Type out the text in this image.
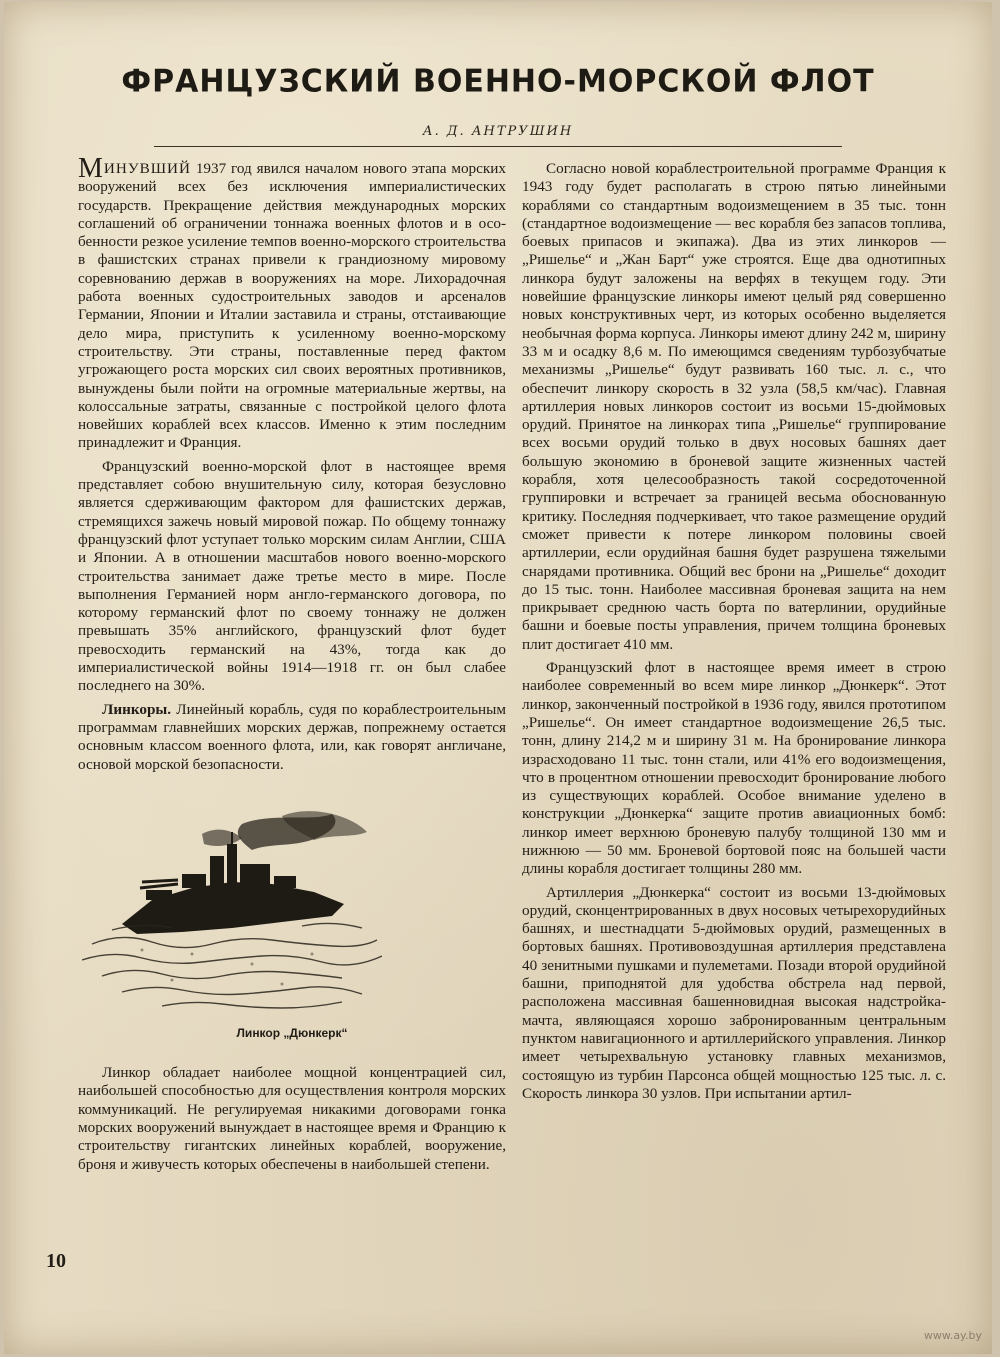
ФРАНЦУЗСКИЙ ВОЕННО-МОРСКОЙ ФЛОТ
А. Д. АНТРУШИН

МИНУВШИЙ 1937 год явился началом нового этапа морских вооружений всех без исключения империалистических государств. Прекращение действия международных морских соглашений об ограничении тоннажа военных флотов и в особенности резкое усиление темпов военно-морского строительства в фашистских странах привели к грандиозному мировому соревнованию держав в вооружениях на море. Лихорадочная работа военных судостроительных заводов и арсеналов Германии, Японии и Италии заставила и страны, отстаивающие дело мира, приступить к усиленному военно-морскому строительству. Эти страны, поставленные перед фактом угрожающего роста морских сил своих вероятных противников, вынуждены были пойти на огромные материальные жертвы, на колоссальные затраты, связанные с постройкой целого флота новейших кораблей всех классов. Именно к этим последним принадлежит и Франция.

Французский военно-морской флот в настоящее время представляет собою внушительную силу, которая безусловно является сдерживающим фактором для фашистских держав, стремящихся зажечь новый мировой пожар. По общему тоннажу французский флот уступает только морским силам Англии, США и Японии. А в отношении масштабов нового военно-морского строительства занимает даже третье место в мире. После выполнения Германией норм англо-германского договора, по которому германский флот по своему тоннажу не должен превышать 35% английского, французский флот будет превосходить германский на 43%, тогда как до империалистической войны 1914—1918 гг. он был слабее последнего на 30%.

Линкоры. Линейный корабль, судя по кораблестроительным программам главнейших морских держав, попрежнему остается основным классом военного флота, или, как говорят англичане, основой морской безопасности.

Линкор „Дюнкерк“

Линкор обладает наиболее мощной концентрацией сил, наибольшей способностью для осуществления контроля морских коммуникаций. Не регулируемая никакими договорами гонка морских вооружений вынуждает в настоящее время и Францию к строительству гигантских линейных кораблей, вооружение, броня и живучесть которых обеспечены в наибольшей степени.

Согласно новой кораблестроительной программе Франция к 1943 году будет располагать в строю пятью линейными кораблями со стандартным водоизмещением в 35 тыс. тонн (стандартное водоизмещение — вес корабля без запасов топлива, боевых припасов и экипажа). Два из этих линкоров — „Ришелье“ и „Жан Барт“ уже строятся. Еще два однотипных линкора будут заложены на верфях в текущем году. Эти новейшие французские линкоры имеют целый ряд совершенно новых конструктивных черт, из которых особенно выделяется необычная форма корпуса. Линкоры имеют длину 242 м, ширину 33 м и осадку 8,6 м. По имеющимся сведениям турбозубчатые механизмы „Ришелье“ будут развивать 160 тыс. л. с., что обеспечит линкору скорость в 32 узла (58,5 км/час). Главная артиллерия новых линкоров состоит из восьми 15-дюймовых орудий. Принятое на линкорах типа „Ришелье“ группирование всех восьми орудий только в двух носовых башнях дает большую экономию в броневой защите жизненных частей корабля, хотя целесообразность такой сосредоточенной группировки и встречает за границей весьма обоснованную критику. Последняя подчеркивает, что такое размещение орудий сможет привести к потере линкором половины своей артиллерии, если орудийная башня будет разрушена тяжелыми снарядами противника. Общий вес брони на „Ришелье“ доходит до 15 тыс. тонн. Наиболее массивная броневая защита на нем прикрывает среднюю часть борта по ватерлинии, орудийные башни и боевые посты управления, причем толщина броневых плит достигает 410 мм.

Французский флот в настоящее время имеет в строю наиболее современный во всем мире линкор „Дюнкерк“. Этот линкор, законченный постройкой в 1936 году, явился прототипом „Ришелье“. Он имеет стандартное водоизмещение 26,5 тыс. тонн, длину 214,2 м и ширину 31 м. На бронирование линкора израсходовано 11 тыс. тонн стали, или 41% его водоизмещения, что в процентном отношении превосходит бронирование любого из существующих кораблей. Особое внимание уделено в конструкции „Дюнкерка“ защите против авиационных бомб: линкор имеет верхнюю броневую палубу толщиной 130 мм и нижнюю — 50 мм. Броневой бортовой пояс на большей части длины корабля достигает толщины 280 мм.

Артиллерия „Дюнкерка“ состоит из восьми 13-дюймовых орудий, сконцентрированных в двух носовых четырехорудийных башнях, и шестнадцати 5-дюймовых орудий, размещенных в бортовых башнях. Противовоздушная артиллерия представлена 40 зенитными пушками и пулеметами. Позади второй орудийной башни, приподнятой для удобства обстрела над первой, расположена массивная башенновидная высокая надстройка-мачта, являющаяся хорошо забронированным центральным пунктом навигационного и артиллерийского управления. Линкор имеет четырехвальную установку главных механизмов, состоящую из турбин Парсонса общей мощностью 125 тыс. л. с. Скорость линкора 30 узлов. При испытании артил-

10
www.ay.by
